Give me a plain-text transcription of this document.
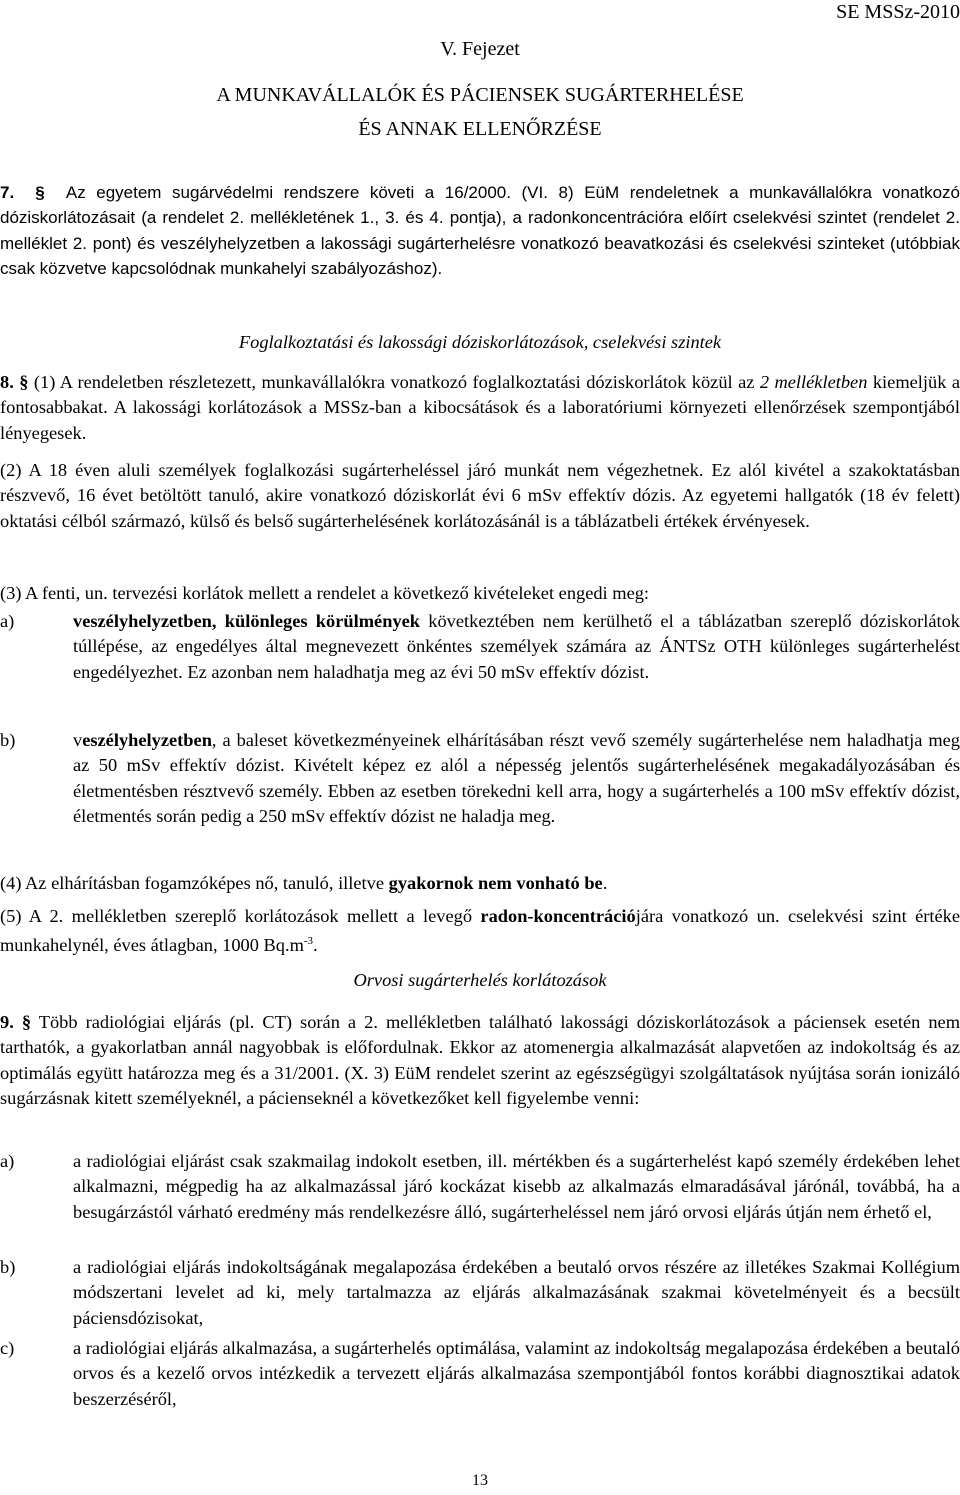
SE MSSz-2010
V. Fejezet
A MUNKAVÁLLALÓK ÉS PÁCIENSEK SUGÁRTERHELÉSE
ÉS ANNAK ELLENŐRZÉSE

7. § Az egyetem sugárvédelmi rendszere követi a 16/2000. (VI. 8) EüM rendeletnek a munkavállalókra vonatkozó dóziskorlátozásait (a rendelet 2. mellékletének 1., 3. és 4. pontja), a radonkoncentrációra előírt cselekvési szintet (rendelet 2. melléklet 2. pont) és veszélyhelyzetben a lakossági sugárterhelésre vonatkozó beavatkozási és cselekvési szinteket (utóbbiak csak közvetve kapcsolódnak munkahelyi szabályozáshoz).

Foglalkoztatási és lakossági dóziskorlátozások, cselekvési szintek

8. § (1) A rendeletben részletezett, munkavállalókra vonatkozó foglalkoztatási dóziskorlátok közül az 2 mellékletben kiemeljük a fontosabbakat. A lakossági korlátozások a MSSz-ban a kibocsátások és a laboratóriumi környezeti ellenőrzések szempontjából lényegesek.

(2) A 18 éven aluli személyek foglalkozási sugárterheléssel járó munkát nem végezhetnek. Ez alól kivétel a szakoktatásban részvevő, 16 évet betöltött tanuló, akire vonatkozó dóziskorlát évi 6 mSv effektív dózis. Az egyetemi hallgatók (18 év felett) oktatási célból származó, külső és belső sugárterhelésének korlátozásánál is a táblázatbeli értékek érvényesek.

(3) A fenti, un. tervezési korlátok mellett a rendelet a következő kivételeket engedi meg:

a)	veszélyhelyzetben, különleges körülmények következtében nem kerülhető el a táblázatban szereplő dóziskorlátok túllépése, az engedélyes által megnevezett önkéntes személyek számára az ÁNTSz OTH különleges sugárterhelést engedélyezhet. Ez azonban nem haladhatja meg az évi 50 mSv effektív dózist.
b)	veszélyhelyzetben, a baleset következményeinek elhárításában részt vevő személy sugárterhelése nem haladhatja meg az 50 mSv effektív dózist. Kivételt képez ez alól a népesség jelentős sugárterhelésének megakadályozásában és életmentésben résztvevő személy. Ebben az esetben törekedni kell arra, hogy a sugárterhelés a 100 mSv effektív dózist, életmentés során pedig a 250 mSv effektív dózist ne haladja meg.

(4) Az elhárításban fogamzóképes nő, tanuló, illetve gyakornok nem vonható be.

(5) A 2. mellékletben szereplő korlátozások mellett a levegő radon-koncentrációjára vonatkozó un. cselekvési szint értéke munkahelynél, éves átlagban, 1000 $Bq.m^{-3}$.

Orvosi sugárterhelés korlátozások

9. § Több radiológiai eljárás (pl. CT) során a 2. mellékletben található lakossági dóziskorlátozások a páciensek esetén nem tarthatók, a gyakorlatban annál nagyobbak is előfordulnak. Ekkor az atomenergia alkalmazását alapvetően az indokoltság és az optimálás együtt határozza meg és a 31/2001. (X. 3) EüM rendelet szerint az egészségügyi szolgáltatások nyújtása során ionizáló sugárzásnak kitett személyeknél, a pácienseknél a következőket kell figyelembe venni:

a)	a radiológiai eljárást csak szakmailag indokolt esetben, ill. mértékben és a sugárterhelést kapó személy érdekében lehet alkalmazni, mégpedig ha az alkalmazással járó kockázat kisebb az alkalmazás elmaradásával járónál, továbbá, ha a besugárzástól várható eredmény más rendelkezésre álló, sugárterheléssel nem járó orvosi eljárás útján nem érhető el,
b)	a radiológiai eljárás indokoltságának megalapozása érdekében a beutaló orvos részére az illetékes Szakmai Kollégium módszertani levelet ad ki, mely tartalmazza az eljárás alkalmazásának szakmai követelményeit és a becsült páciensdózisokat,
c)	a radiológiai eljárás alkalmazása, a sugárterhelés optimálása, valamint az indokoltság megalapozása érdekében a beutaló orvos és a kezelő orvos intézkedik a tervezett eljárás alkalmazása szempontjából fontos korábbi diagnosztikai adatok beszerzéséről,
13
